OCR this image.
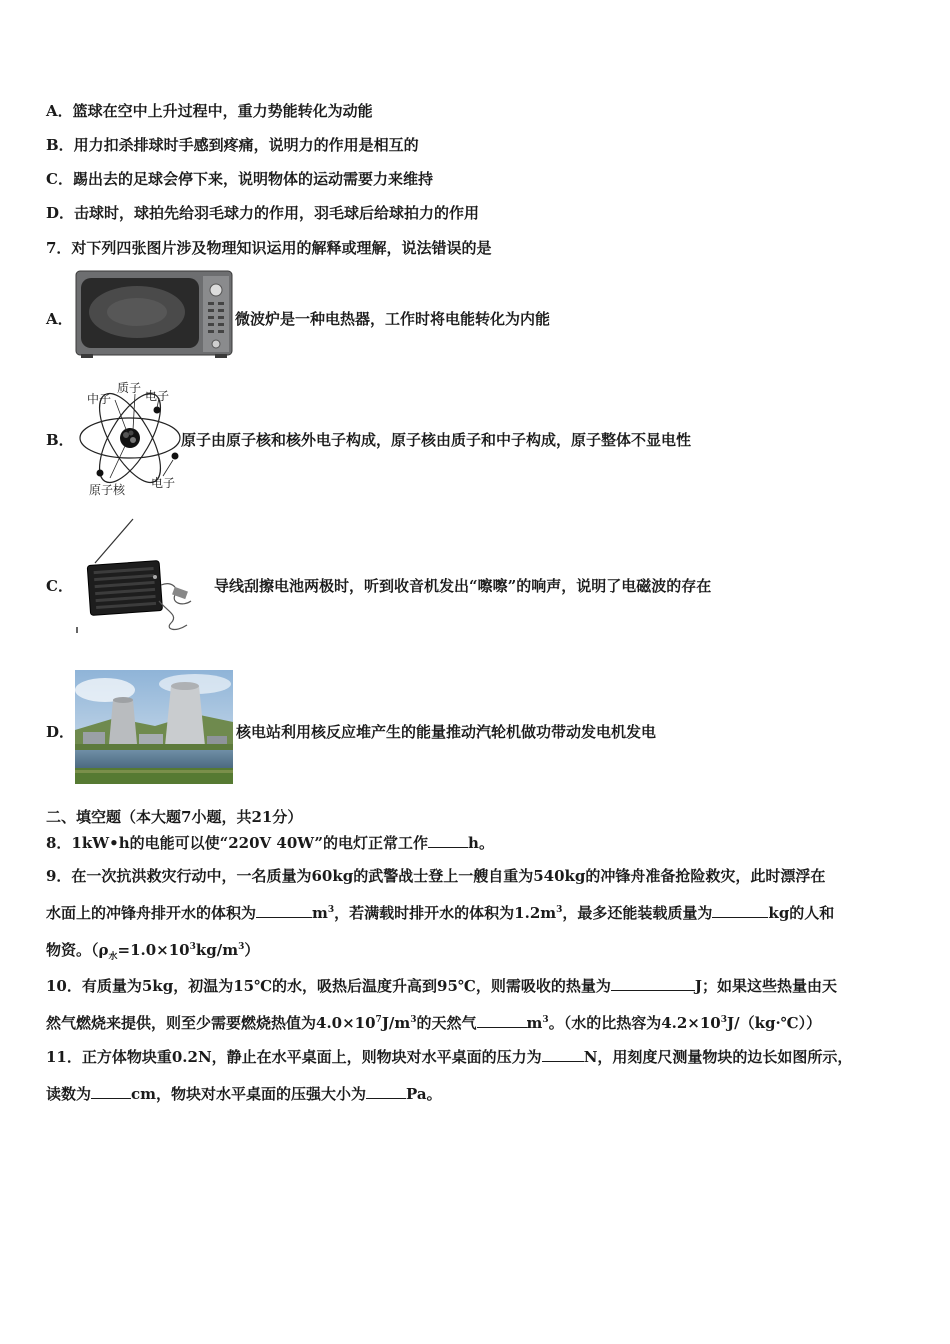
A．篮球在空中上升过程中，重力势能转化为动能
B．用力扣杀排球时手感到疼痛，说明力的作用是相互的
C．踢出去的足球会停下来，说明物体的运动需要力来维持
D．击球时，球拍先给羽毛球力的作用，羽毛球后给球拍力的作用
7．对下列四张图片涉及物理知识运用的解释或理解，说法错误的是
A．	微波炉是一种电热器，工作时将电能转化为内能
B．
中子
质子
电子
原子核 电子
原子由原子核和核外电子构成，原子核由质子和中子构成，原子整体不显电性
C．	导线刮擦电池两极时，听到收音机发出“嚓嚓”的响声，说明了电磁波的存在
D．	核电站利用核反应堆产生的能量推动汽轮机做功带动发电机发电
二、填空题（本大题7小题，共21分）
8．1kW•h的电能可以使“220V 40W”的电灯正常工作	h。
9．在一次抗洪救灾行动中，一名质量为60kg的武警战士登上一艘自重为540kg的冲锋舟准备抢险救灾，此时漂浮在
水面上的冲锋舟排开水的体积为	$m^3$，若满载时排开水的体积为$1.2m^3$，最多还能装载质量为	kg的人和
物资。$(\rho_水=1.0\times 10^3kg/m^3)$
10．有质量为5kg，初温为15℃的水，吸热后温度升高到95℃，则需吸收的热量为	J；如果这些热量由天
然气燃烧来提供，则至少需要燃烧热值为$4.0\times 10^7J/m^3$的天然气	$m^3$。（水的比热容为$4.2\times 10^3J/(kg\cdot℃)$）
11．正方体物块重0.2N，静止在水平桌面上，则物块对水平桌面的压力为	N，用刻度尺测量物块的边长如图所示，
读数为	cm，物块对水平桌面的压强大小为	Pa。
